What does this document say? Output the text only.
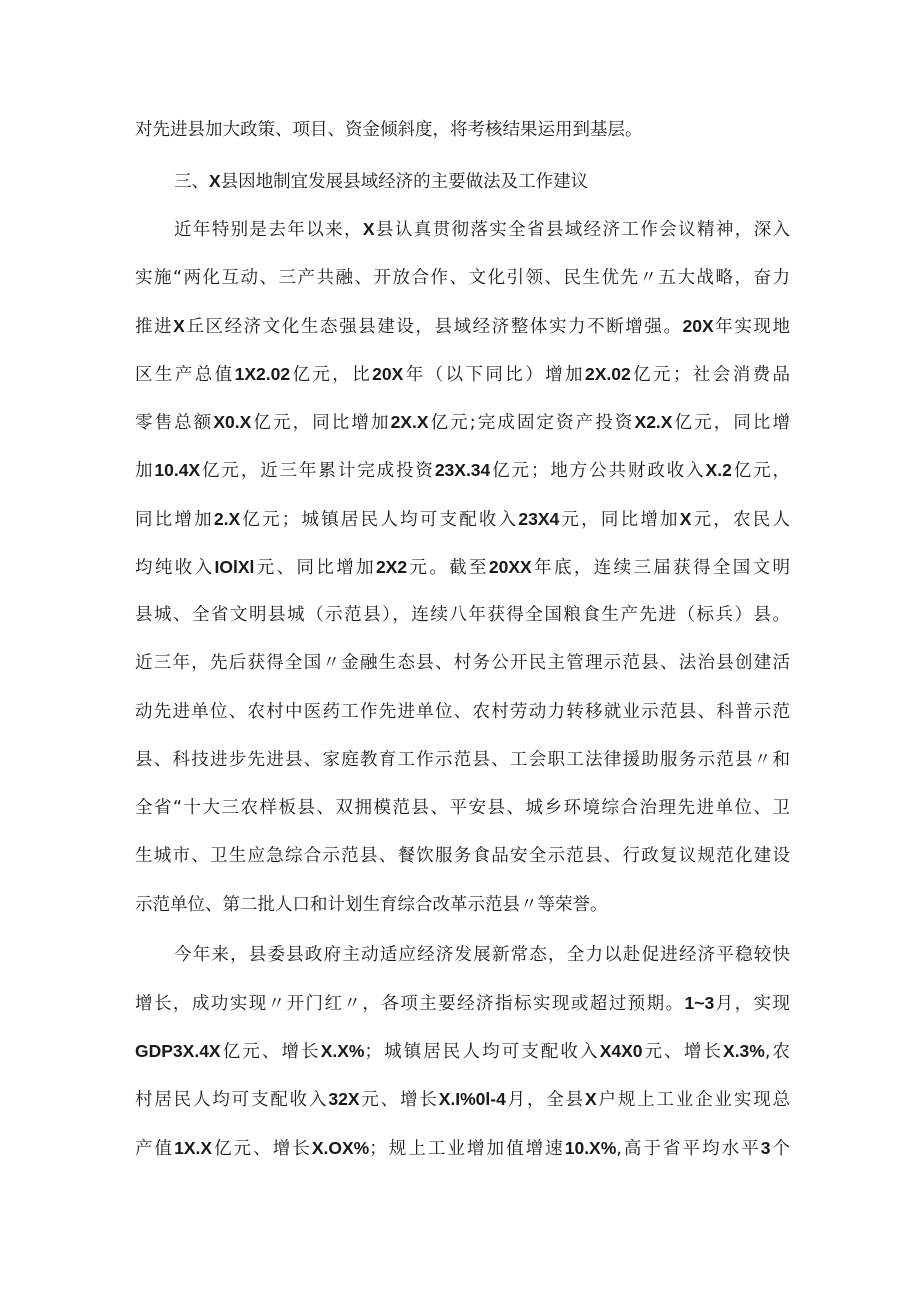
对先进县加大政策、项目、资金倾斜度，将考核结果运用到基层。
三、X县因地制宜发展县域经济的主要做法及工作建议
近年特别是去年以来，X县认真贯彻落实全省县域经济工作会议精神，深入
实施“两化互动、三产共融、开放合作、文化引领、民生优先〃五大战略，奋力
推进X丘区经济文化生态强县建设，县域经济整体实力不断增强。20X年实现地
区生产总值1X2.02亿元，比20X年（以下同比）增加2X.02亿元；社会消费品
零售总额X0.X亿元，同比增加2X.X亿元;完成固定资产投资X2.X亿元，同比增
加10.4X亿元，近三年累计完成投资23X.34亿元；地方公共财政收入X.2亿元，
同比增加2.X亿元；城镇居民人均可支配收入23X4元，同比增加X元，农民人
均纯收入IOlXl元、同比增加2X2元。截至20XX年底，连续三届获得全国文明
县城、全省文明县城（示范县），连续八年获得全国粮食生产先进（标兵）县。
近三年，先后获得全国〃金融生态县、村务公开民主管理示范县、法治县创建活
动先进单位、农村中医药工作先进单位、农村劳动力转移就业示范县、科普示范
县、科技进步先进县、家庭教育工作示范县、工会职工法律援助服务示范县〃和
全省“十大三农样板县、双拥模范县、平安县、城乡环境综合治理先进单位、卫
生城市、卫生应急综合示范县、餐饮服务食品安全示范县、行政复议规范化建设
示范单位、第二批人口和计划生育综合改革示范县〃等荣誉。
今年来，县委县政府主动适应经济发展新常态，全力以赴促进经济平稳较快
增长，成功实现〃开门红〃，各项主要经济指标实现或超过预期。1~3月，实现
GDP3X.4X亿元、增长X.X%；城镇居民人均可支配收入X4X0元、增长X.3%,农
村居民人均可支配收入32X元、增长X.I%0l-4月，全县X户规上工业企业实现总
产值1X.X亿元、增长X.OX%；规上工业增加值增速10.X%,高于省平均水平3个
